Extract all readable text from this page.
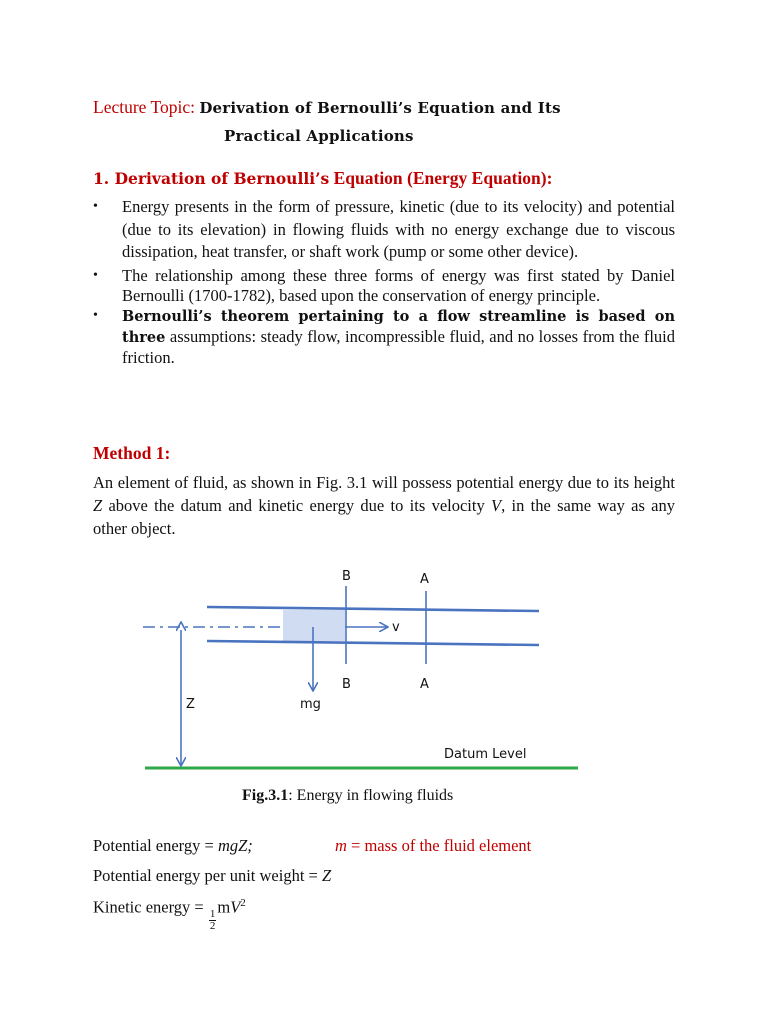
Lecture Topic: Derivation of Bernoulli’s Equation and Its
Practical Applications
1. Derivation of Bernoulli’s Equation (Energy Equation):
• Energy presents in the form of pressure, kinetic (due to its velocity) and potential (due to its elevation) in flowing fluids with no energy exchange due to viscous dissipation, heat transfer, or shaft work (pump or some other device).
• The relationship among these three forms of energy was first stated by Daniel Bernoulli (1700-1782), based upon the conservation of energy principle.
• Bernoulli’s theorem pertaining to a flow streamline is based on three assumptions: steady flow, incompressible fluid, and no losses from the fluid friction.
Method 1:
An element of fluid, as shown in Fig. 3.1 will possess potential energy due to its height Z above the datum and kinetic energy due to its velocity V, in the same way as any other object.
v
B	A
B	A
mg
Z
Datum Level
Fig.3.1: Energy in flowing fluids
Potential energy = mgZ;	m = mass of the fluid element
Potential energy per unit weight = Z
Kinetic energy =
$\frac{1}{2}$
$mV^2$
